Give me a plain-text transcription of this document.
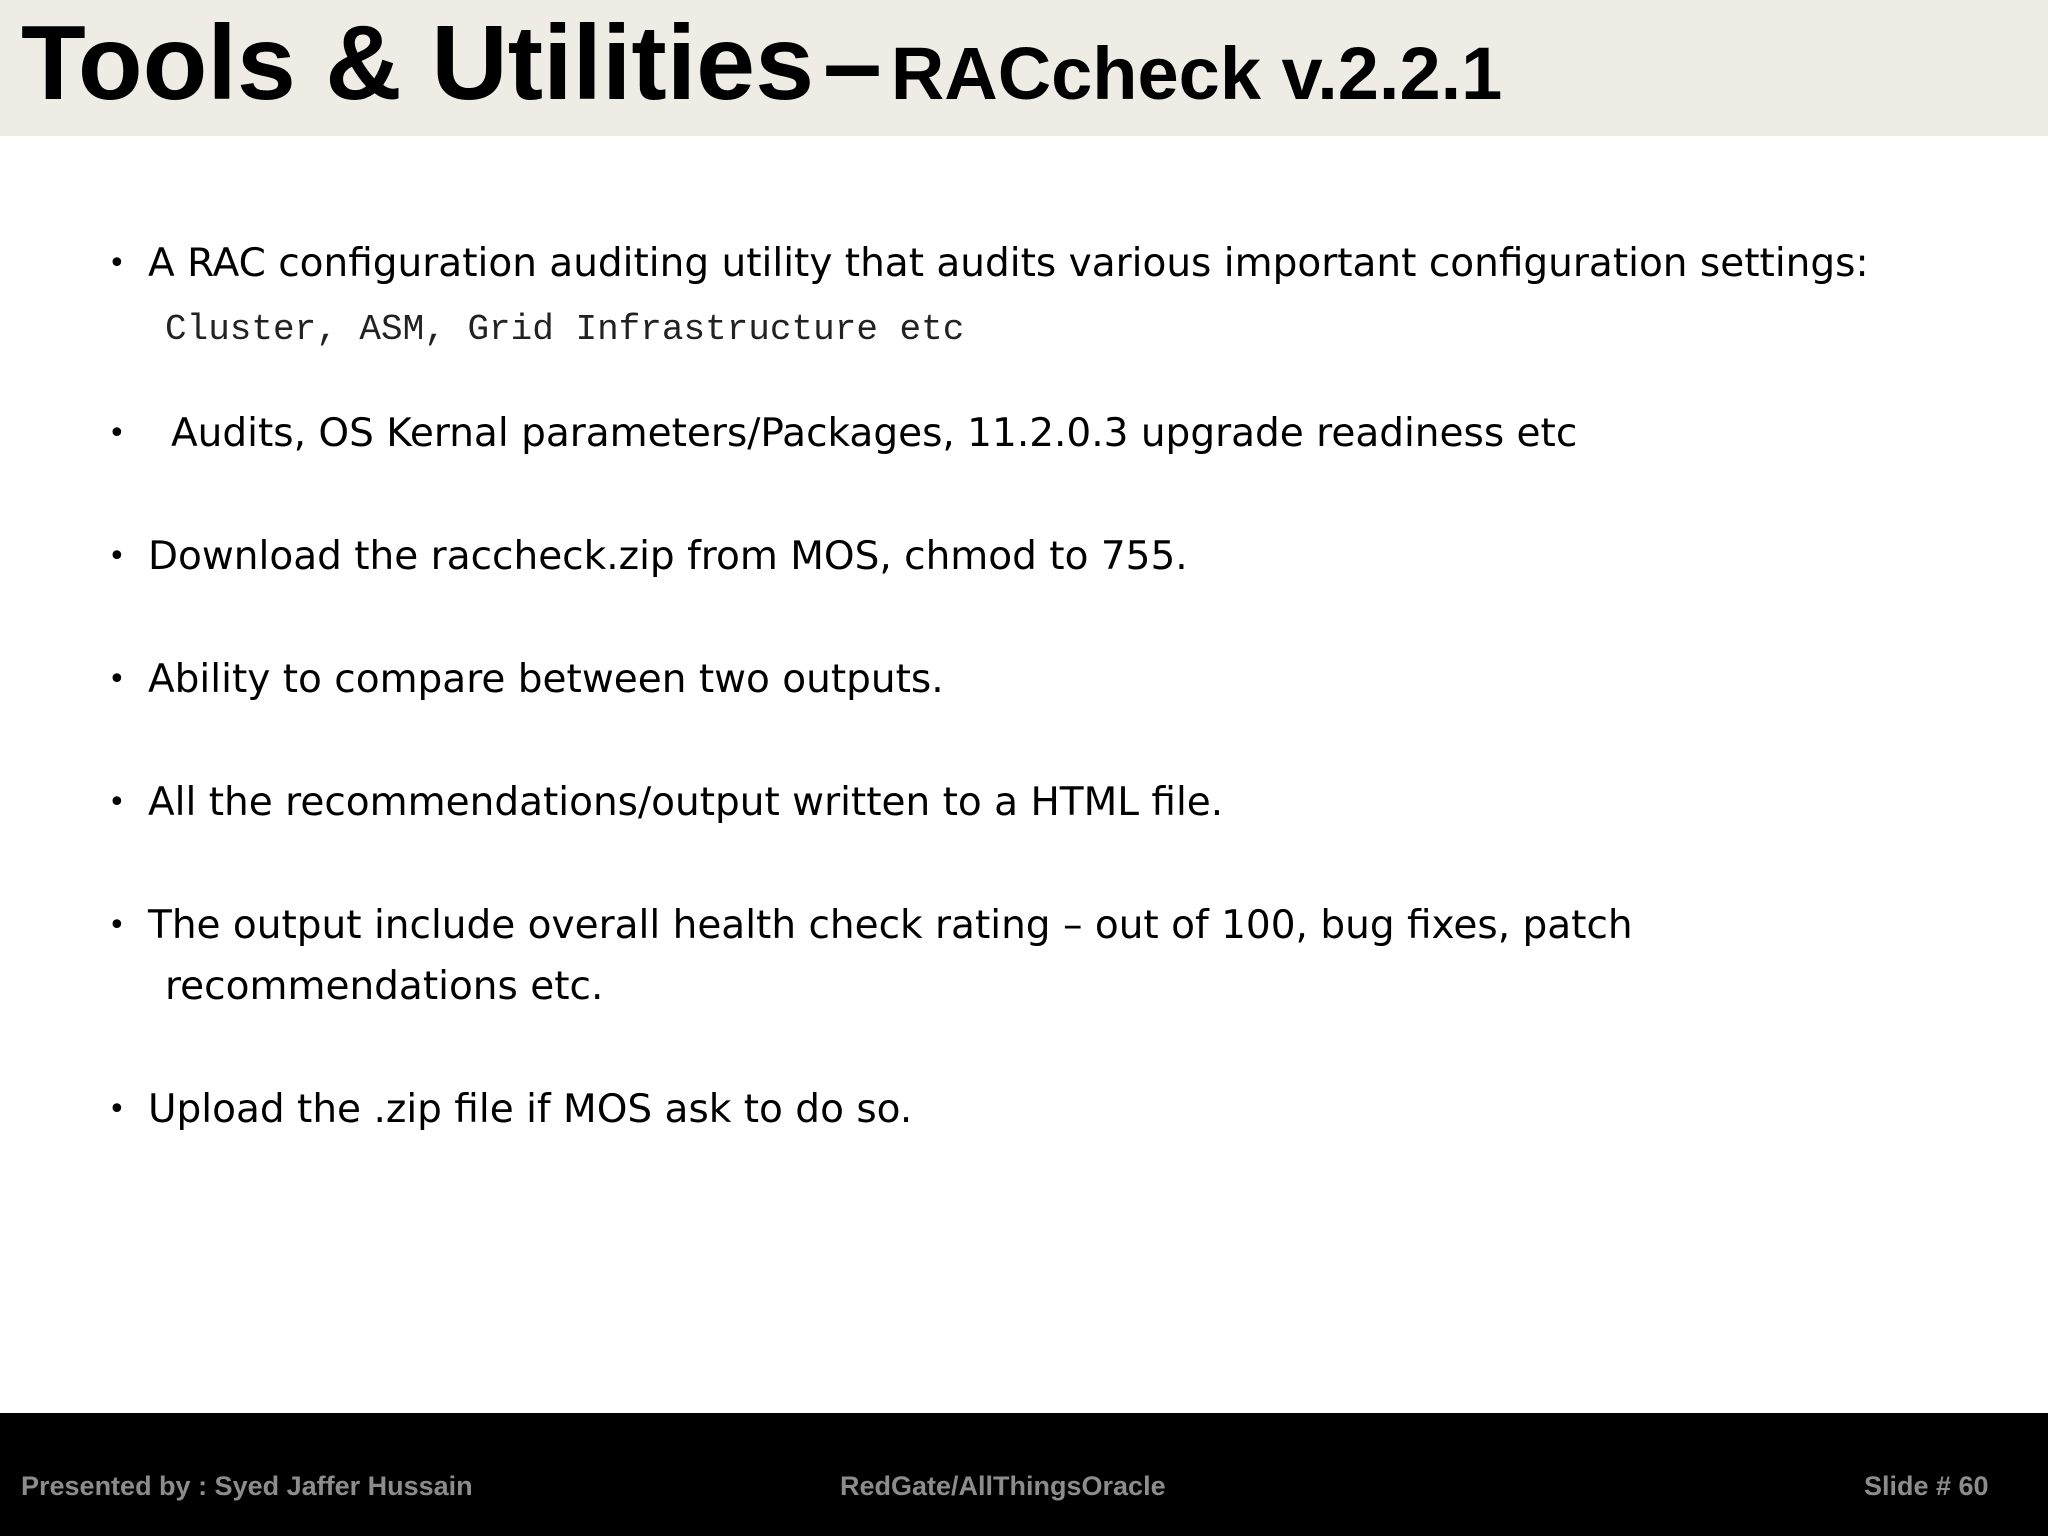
Tools & Utilities – RACcheck v.2.2.1
• A RAC configuration auditing utility that audits various important configuration settings:
• Audits, OS Kernal parameters/Packages, 11.2.0.3 upgrade readiness etc
• Download the raccheck.zip from MOS, chmod to 755.
• Ability to compare between two outputs.
• All the recommendations/output written to a HTML file.
• The output include overall health check rating – out of 100, bug fixes, patch
recommendations etc.
• Upload the .zip file if MOS ask to do so.
Cluster, ASM, Grid Infrastructure etc
Presented by : Syed Jaffer Hussain	RedGate/AllThingsOracle	Slide # 60
